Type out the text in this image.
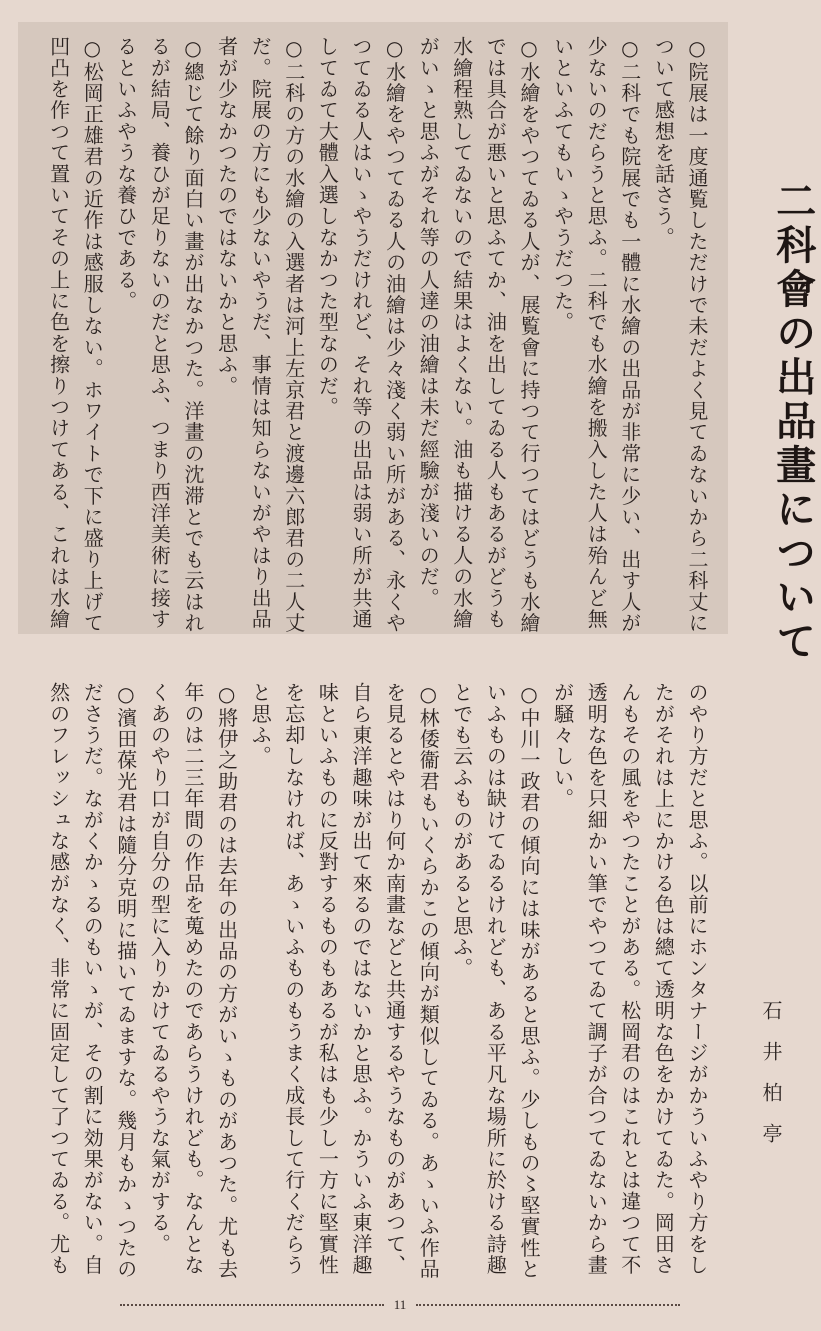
二科會の出品畫について
石井柏亭
○院展は一度通覧しただけで未だよく見てゐないから二科丈に
ついて感想を話さう。
○二科でも院展でも一體に水繪の出品が非常に少い、出す人が
少ないのだらうと思ふ。二科でも水繪を搬入した人は殆んど無
いといふてもいゝやうだつた。
○水繪をやつてゐる人が、展覧會に持つて行つてはどうも水繪
では具合が悪いと思ふてか、油を出してゐる人もあるがどうも
水繪程熟してゐないので結果はよくない。油も描ける人の水繪
がいゝと思ふがそれ等の人達の油繪は未だ經驗が淺いのだ。
○水繪をやつてゐる人の油繪は少々淺く弱い所がある、永くや
つてゐる人はいゝやうだけれど、それ等の出品は弱い所が共通
してゐて大體入選しなかつた型なのだ。
○二科の方の水繪の入選者は河上左京君と渡邊六郎君の二人丈
だ。院展の方にも少ないやうだ、事情は知らないがやはり出品
者が少なかつたのではないかと思ふ。
○總じて餘り面白い畫が出なかつた。洋畫の沈滞とでも云はれ
るが結局、養ひが足りないのだと思ふ、つまり西洋美術に接す
るといふやうな養ひである。
○松岡正雄君の近作は感服しない。ホワイトで下に盛り上げて
凹凸を作つて置いてその上に色を擦りつけてある、これは水繪
のやり方だと思ふ。以前にホンタナージがかういふやり方をし
たがそれは上にかける色は總て透明な色をかけてゐた。岡田さ
んもその風をやつたことがある。松岡君のはこれとは違つて不
透明な色を只細かい筆でやつてゐて調子が合つてゐないから畫
が騒々しい。
○中川一政君の傾向には味があると思ふ。少しもの〻堅實性と
いふものは缺けてゐるけれども、ある平凡な場所に於ける詩趣
とでも云ふものがあると思ふ。
○林倭衞君もいくらかこの傾向が類似してゐる。あゝいふ作品
を見るとやはり何か南畫などと共通するやうなものがあつて、
自ら東洋趣味が出て來るのではないかと思ふ。かういふ東洋趣
味といふものに反對するものもあるが私はも少し一方に堅實性
を忘却しなければ、あゝいふものもうまく成長して行くだらう
と思ふ。
○將伊之助君のは去年の出品の方がいゝものがあつた。尤も去
年のは二三年間の作品を蒐めたのであらうけれども。なんとな
くあのやり口が自分の型に入りかけてゐるやうな氣がする。
○濱田葆光君は隨分克明に描いてゐますな。幾月もかゝつたの
ださうだ。ながくかゝるのもいゝが、その割に効果がない。自
然のフレッシュな感がなく、非常に固定して了つてゐる。尤も
11
